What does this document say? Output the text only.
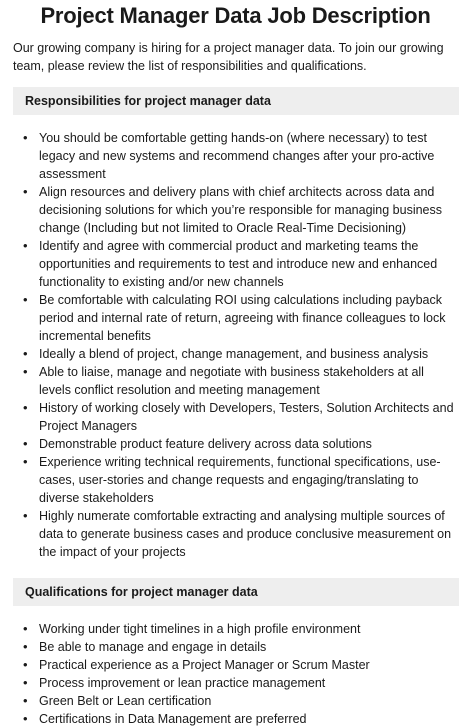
Project Manager Data Job Description

Our growing company is hiring for a project manager data. To join our growing team, please review the list of responsibilities and qualifications.

Responsibilities for project manager data
• You should be comfortable getting hands-on (where necessary) to test legacy and new systems and recommend changes after your pro-active assessment
• Align resources and delivery plans with chief architects across data and decisioning solutions for which you’re responsible for managing business change (Including but not limited to Oracle Real-Time Decisioning)
• Identify and agree with commercial product and marketing teams the opportunities and requirements to test and introduce new and enhanced functionality to existing and/or new channels
• Be comfortable with calculating ROI using calculations including payback period and internal rate of return, agreeing with finance colleagues to lock incremental benefits
• Ideally a blend of project, change management, and business analysis
• Able to liaise, manage and negotiate with business stakeholders at all levels conflict resolution and meeting management
• History of working closely with Developers, Testers, Solution Architects and Project Managers
• Demonstrable product feature delivery across data solutions
• Experience writing technical requirements, functional specifications, use-cases, user-stories and change requests and engaging/translating to diverse stakeholders
• Highly numerate comfortable extracting and analysing multiple sources of data to generate business cases and produce conclusive measurement on the impact of your projects
Qualifications for project manager data
• Working under tight timelines in a high profile environment
• Be able to manage and engage in details
• Practical experience as a Project Manager or Scrum Master
• Process improvement or lean practice management
• Green Belt or Lean certification
• Certifications in Data Management are preferred
